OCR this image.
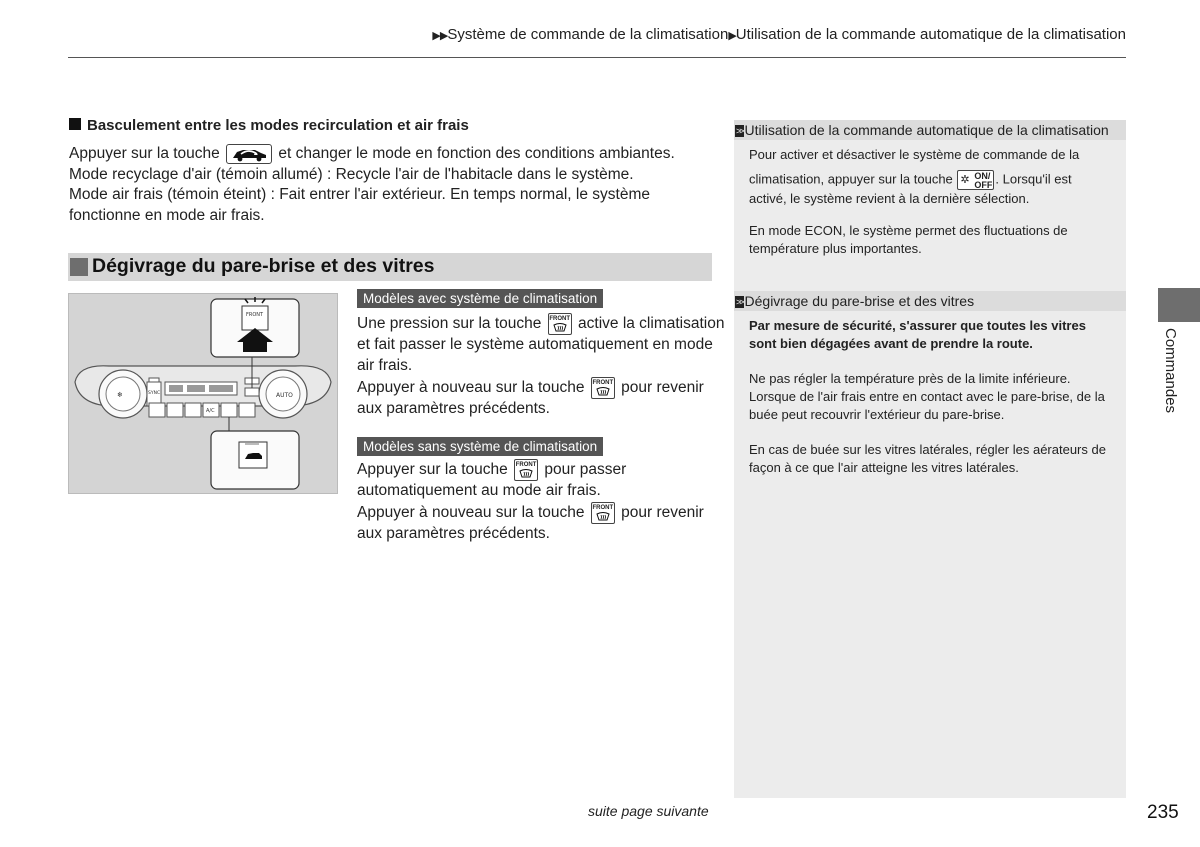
▶▶Système de commande de la climatisation▶Utilisation de la commande automatique de la climatisation
Basculement entre les modes recirculation et air frais
Appuyer sur la touche	et changer le mode en fonction des conditions ambiantes.
Mode recyclage d'air (témoin allumé) : Recycle l'air de l'habitacle dans le système.
Mode air frais (témoin éteint) : Fait entrer l'air extérieur. En temps normal, le système
fonctionne en mode air frais.
Dégivrage du pare-brise et des vitres
❄	AUTO
SYNC
A/C
FRONT
Modèles avec système de climatisation
Une pression sur la touche FRONT active la climatisation
et fait passer le système automatiquement en mode
air frais.
Appuyer à nouveau sur la touche FRONT pour revenir
aux paramètres précédents.
Modèles sans système de climatisation
Appuyer sur la touche FRONT pour passer
automatiquement au mode air frais.
Appuyer à nouveau sur la touche FRONT pour revenir
aux paramètres précédents.
>> Utilisation de la commande automatique de la climatisation
Pour activer et désactiver le système de commande de la
climatisation, appuyer sur la touche ✲ ON/
OFF . Lorsqu'il est
activé, le système revient à la dernière sélection.
En mode ECON, le système permet des fluctuations de
température plus importantes.
>> Dégivrage du pare-brise et des vitres
Par mesure de sécurité, s'assurer que toutes les vitres
sont bien dégagées avant de prendre la route.
Ne pas régler la température près de la limite inférieure.
Lorsque de l'air frais entre en contact avec le pare-brise, de la
buée peut recouvrir l'extérieur du pare-brise.
En cas de buée sur les vitres latérales, régler les aérateurs de
façon à ce que l'air atteigne les vitres latérales.
Commandes
suite page suivante	235
